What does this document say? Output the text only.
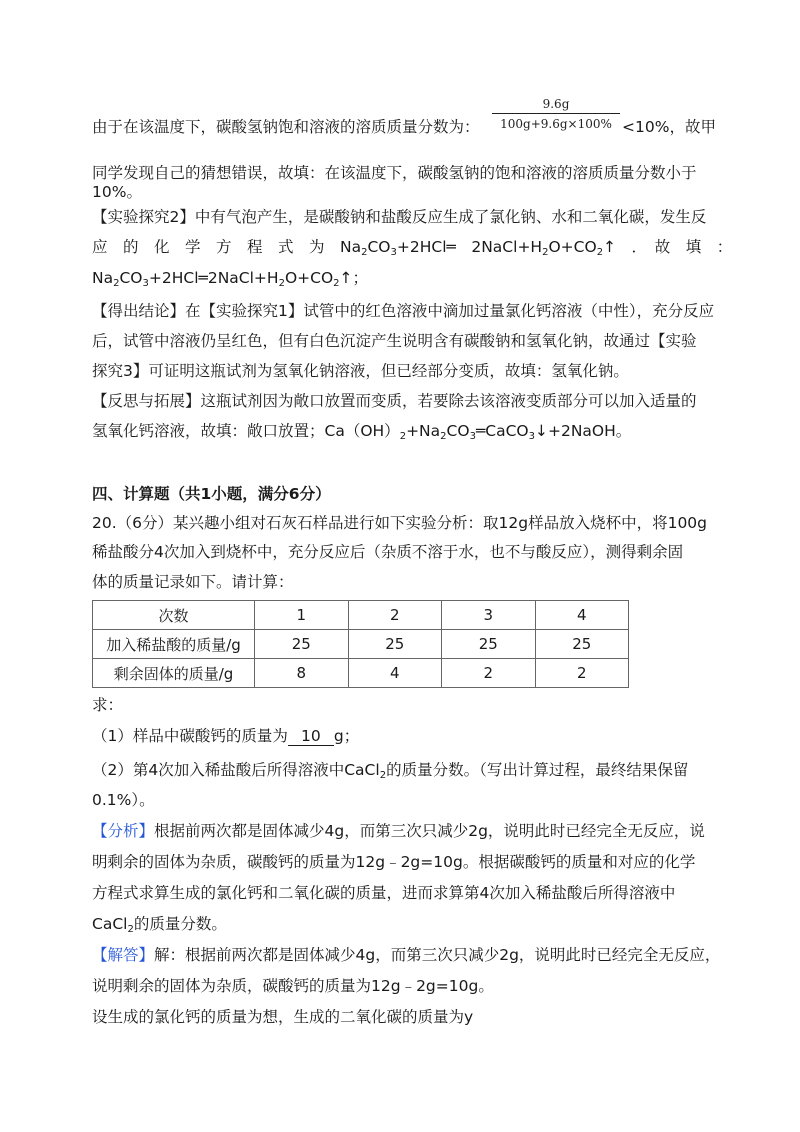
由于在该温度下，碳酸氢钠饱和溶液的溶质质量分数为：
9.6g
100g+9.6g×100% <10%，故甲
同学发现自己的猜想错误，故填：在该温度下，碳酸氢钠的饱和溶液的溶质质量分数小于
10%。
【实验探究2】中有气泡产生，是碳酸钠和盐酸反应生成了氯化钠、水和二氧化碳，发生反
应　的　化　学　方　程　式　为　$Na_2CO_3+2HCl═$　$2NaCl+H_2O+CO_2↑$　．　故　填　：
$Na_2CO_3+2HCl═2NaCl+H_2O+CO_2↑$；
【得出结论】在【实验探究1】试管中的红色溶液中滴加过量氯化钙溶液（中性），充分反应
后，试管中溶液仍呈红色，但有白色沉淀产生说明含有碳酸钠和氢氧化钠，故通过【实验
探究3】可证明这瓶试剂为氢氧化钠溶液，但已经部分变质，故填：氢氧化钠。
【反思与拓展】这瓶试剂因为敞口放置而变质，若要除去该溶液变质部分可以加入适量的
氢氧化钙溶液，故填：敞口放置；$Ca(OH)_2+Na_2CO_3═CaCO_3↓+2NaOH$。
四、计算题（共1小题，满分6分）
20.（6分）某兴趣小组对石灰石样品进行如下实验分析：取12g样品放入烧杯中，将100g
稀盐酸分4次加入到烧杯中，充分反应后（杂质不溶于水，也不与酸反应），测得剩余固
体的质量记录如下。请计算：
次数	1	2	3	4
加入稀盐酸的质量/g	25	25	25	25
剩余固体的质量/g	8	4	2	2
求：
（1）样品中碳酸钙的质量为 10 g；
（2）第4次加入稀盐酸后所得溶液中CaCl$_2$的质量分数。（写出计算过程，最终结果保留
0.1%）。
【分析】根据前两次都是固体减少4g，而第三次只减少2g，说明此时已经完全无反应，说
明剩余的固体为杂质，碳酸钙的质量为12g﹣2g=10g。根据碳酸钙的质量和对应的化学
方程式求算生成的氯化钙和二氧化碳的质量，进而求算第4次加入稀盐酸后所得溶液中
CaCl$_2$的质量分数。
【解答】解：根据前两次都是固体减少4g，而第三次只减少2g，说明此时已经完全无反应，
说明剩余的固体为杂质，碳酸钙的质量为12g﹣2g=10g。
设生成的氯化钙的质量为想，生成的二氧化碳的质量为y
